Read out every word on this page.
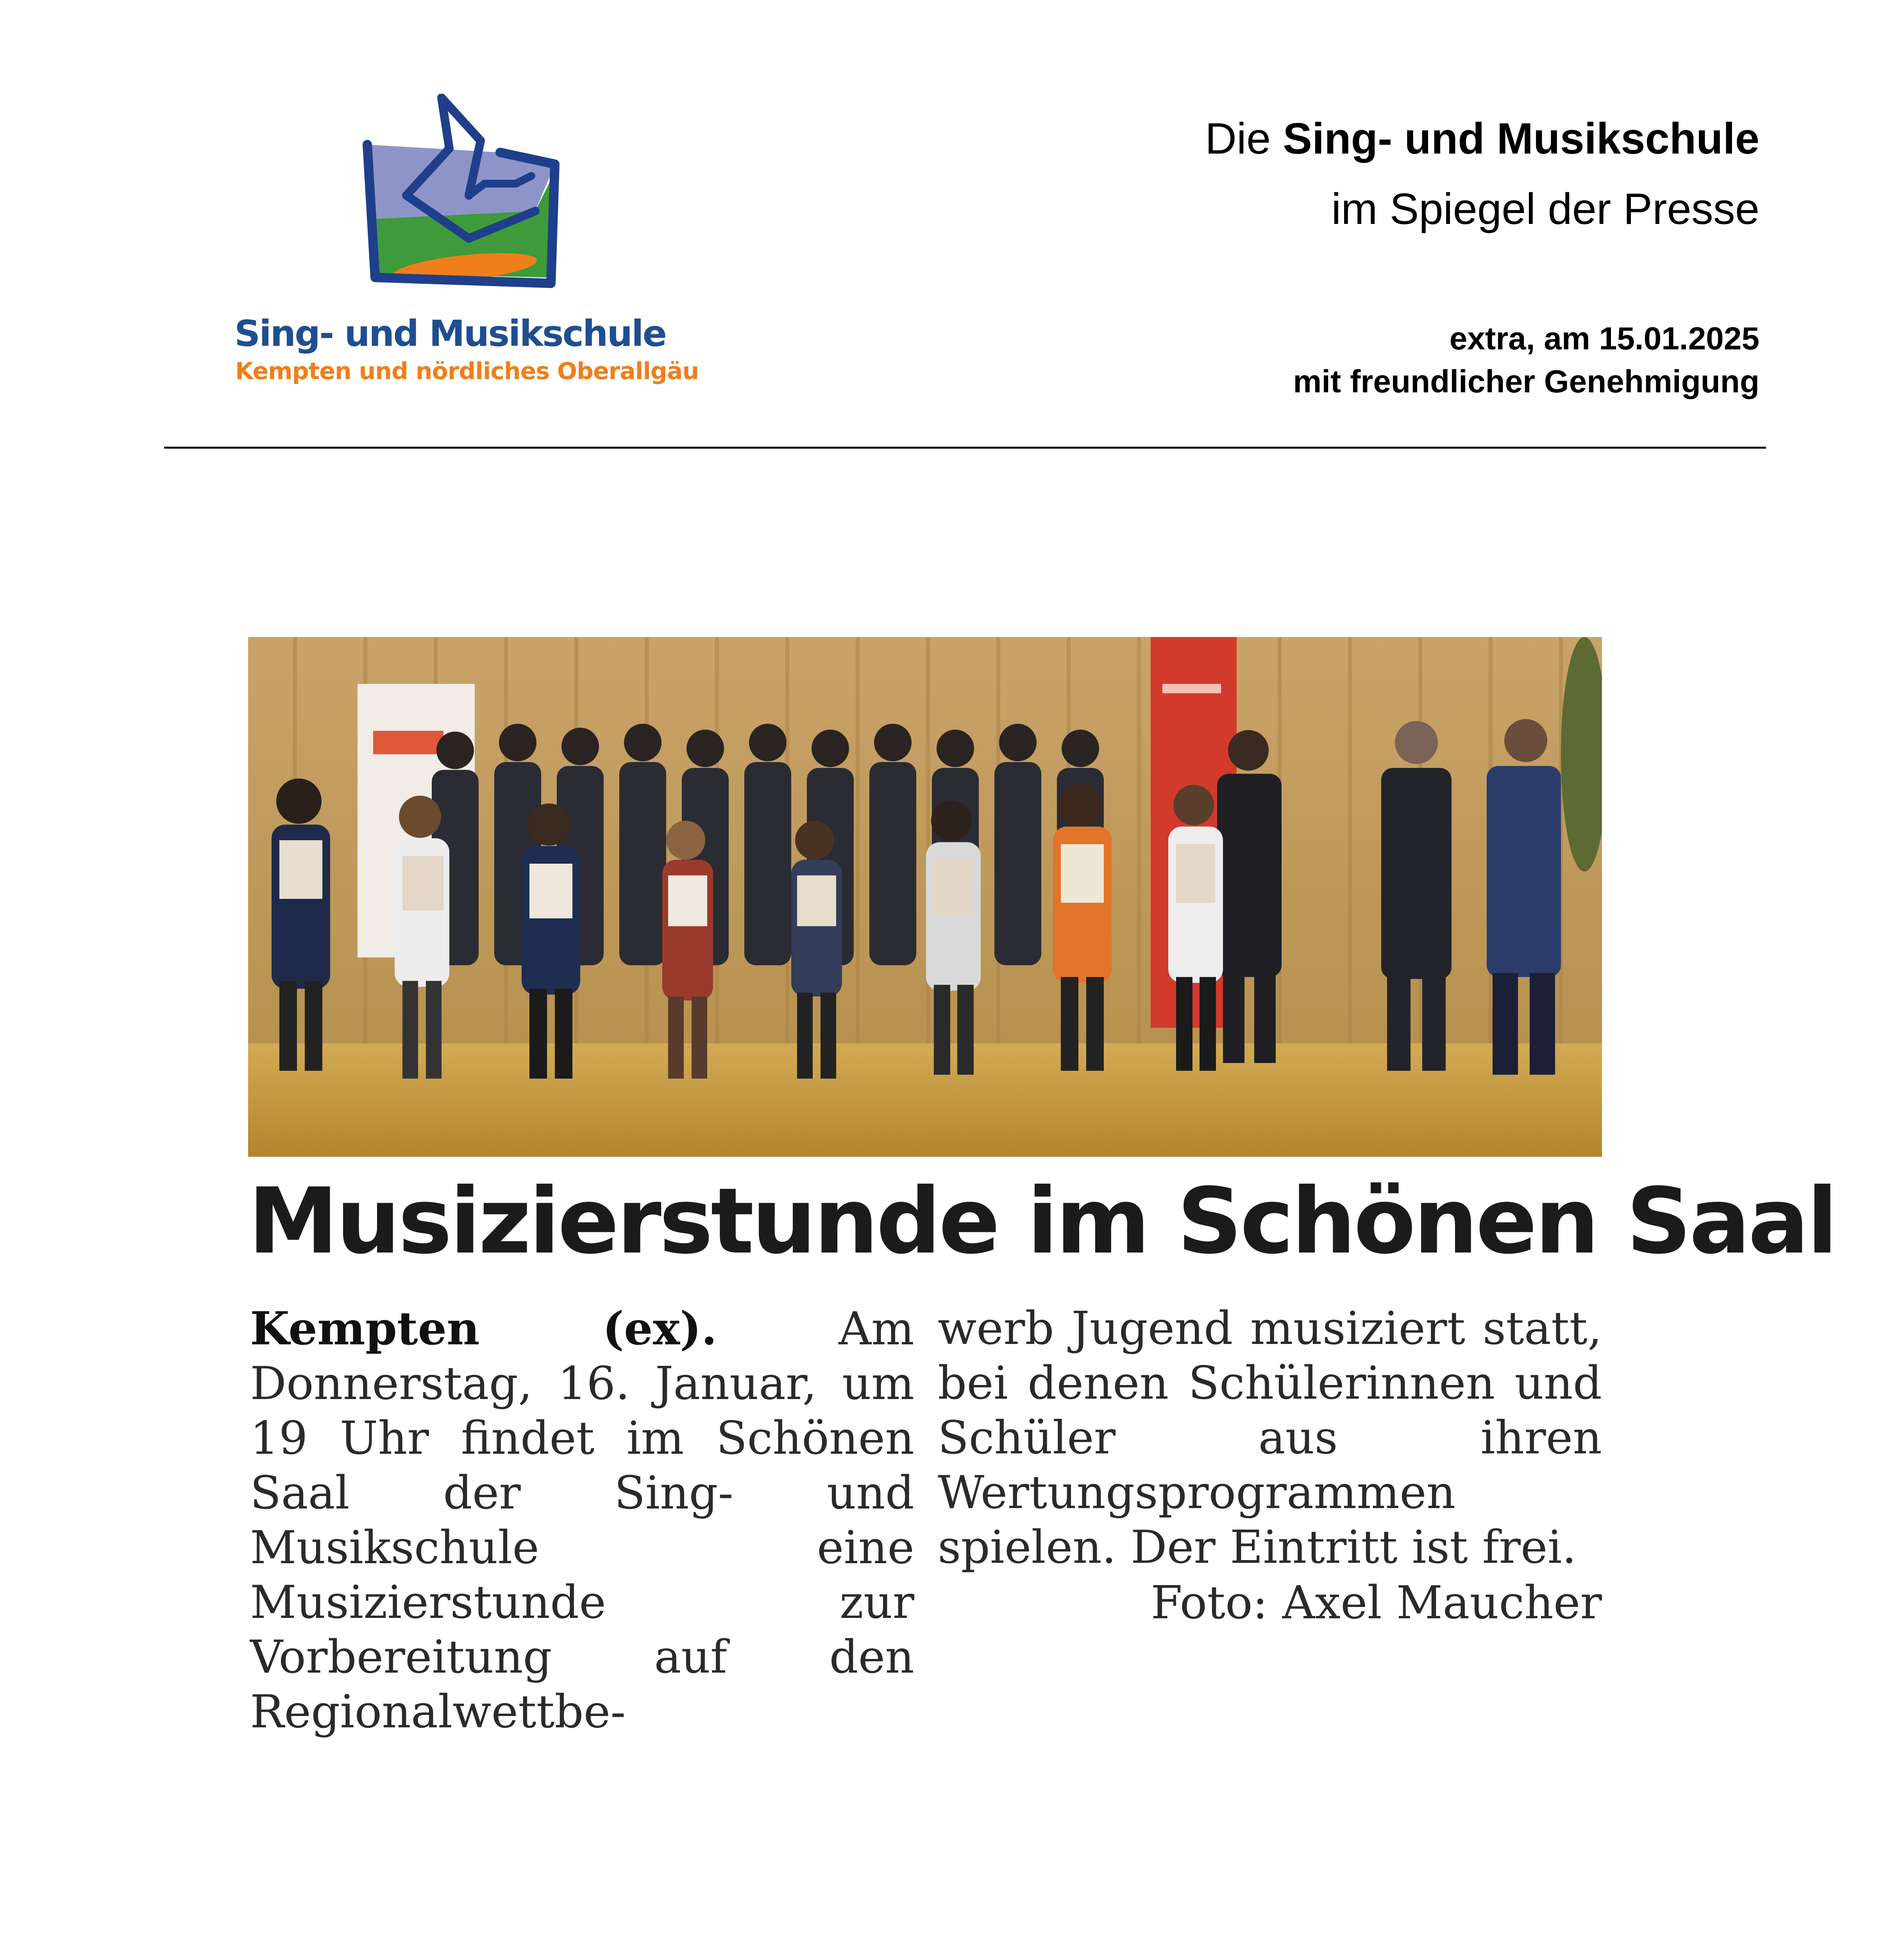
Sing- und Musikschule
Kempten und nördliches Oberallgäu
Die Sing- und Musikschule
im Spiegel der Presse
extra, am 15.01.2025
mit freundlicher Genehmigung
Musizierstunde im Schönen Saal
Kempten (ex).	Am Donnerstag, 16. Januar, um 19 Uhr findet im Schönen Saal der Sing- und Musikschule eine Musizierstunde zur Vorbereitung auf den Regionalwettbe-
werb Jugend musiziert statt, bei denen Schülerinnen und Schüler aus ihren Wertungsprogrammen spielen. Der Eintritt ist frei.
Foto: Axel Maucher
